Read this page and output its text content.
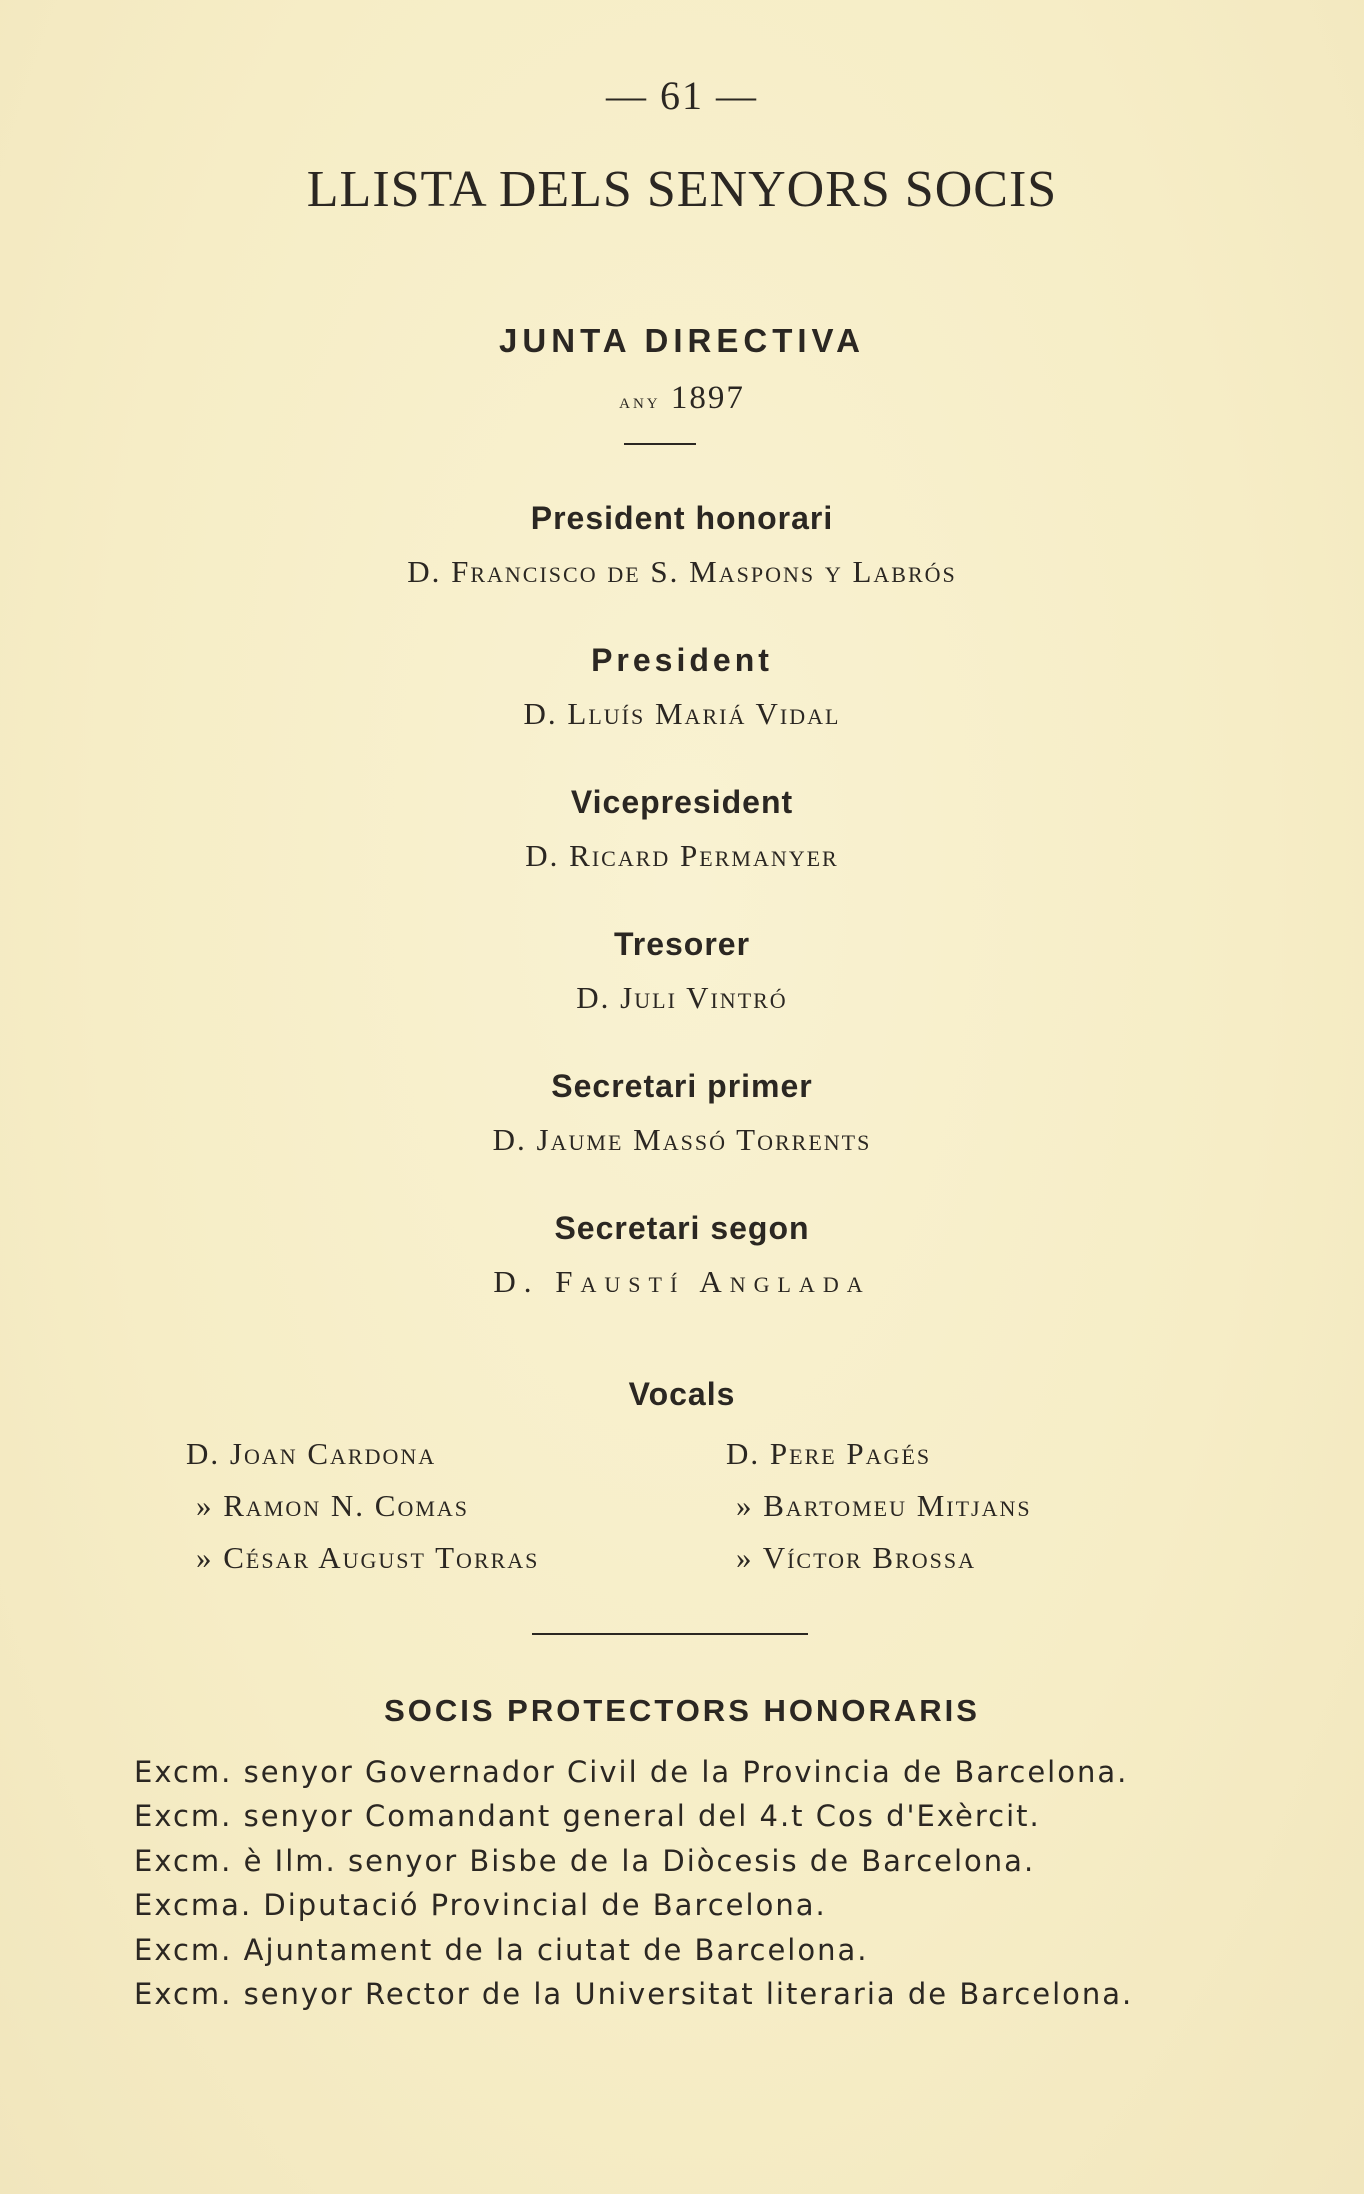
— 61 —
LLISTA DELS SENYORS SOCIS
JUNTA DIRECTIVA
any 1897
President honorari
D. Francisco de S. Maspons y Labrós
President
D. Lluís Mariá Vidal
Vicepresident
D. Ricard Permanyer
Tresorer
D. Juli Vintró
Secretari primer
D. Jaume Massó Torrents
Secretari segon
D. Faustí Anglada
Vocals
D. Joan Cardona
» Ramon N. Comas
» César August Torras
D. Pere Pagés
» Bartomeu Mitjans
» Víctor Brossa
SOCIS PROTECTORS HONORARIS
Excm. senyor Governador Civil de la Provincia de Barcelona.
Excm. senyor Comandant general del 4.t Cos d'Exèrcit.
Excm. è Ilm. senyor Bisbe de la Diòcesis de Barcelona.
Excma. Diputació Provincial de Barcelona.
Excm. Ajuntament de la ciutat de Barcelona.
Excm. senyor Rector de la Universitat literaria de Barcelona.
